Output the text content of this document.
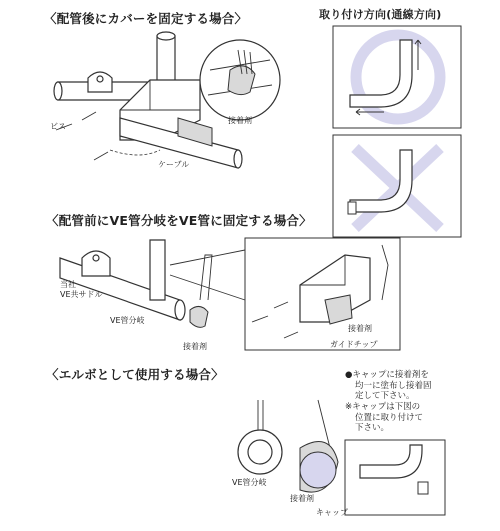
〈配管後にカバーを固定する場合〉	取り付け方向(通線方向)
ビス
接着剤
ケーブル
〈配管前にVE管分岐をVE管に固定する場合〉
当社
VE共サドル
VE管分岐
接着剤
接着剤
ガイドチップ
〈エルボとして使用する場合〉
VE管分岐
接着剤
キャップ
●キャップに接着剤を
均一に塗布し接着固
定して下さい。
※キャップは下図の
位置に取り付けて
下さい。
